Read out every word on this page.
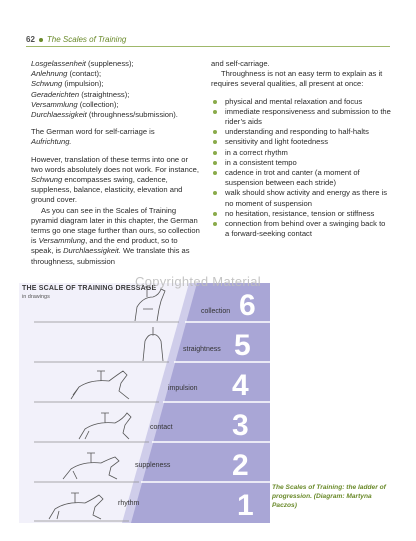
62 The Scales of Training

Losgelassenheit (suppleness);

Anlehnung (contact);

Schwung (impulsion);

Geraderichten (straightness);

Versammlung (collection);

Durchlaessigkeit (throughness/submission).

The German word for self-carriage is
Aufrichtung.

However, translation of these terms into one or two words absolutely does not work. For instance, Schwung encompasses swing, cadence, suppleness, balance, elasticity, elevation and ground cover.

As you can see in the Scales of Training pyramid diagram later in this chapter, the German terms go one stage further than ours, so collection is Versammlung, and the end product, so to speak, is Durchlaessigkeit. We translate this as throughness, submission

and self-carriage.

Throughness is not an easy term to explain as it requires several qualities, all present at once:

physical and mental relaxation and focus
immediate responsiveness and submission to the rider’s aids
understanding and responding to half-halts
sensitivity and light footedness
in a correct rhythm
in a consistent tempo
cadence in trot and canter (a moment of suspension between each stride)
walk should show activity and energy as there is no moment of suspension
no hesitation, resistance, tension or stiffness
connection from behind over a swinging back to a forward-seeking contact
6
5
4
3
2
1
THE SCALE OF TRAINING DRESSAGE
in drawings
collection
straightness
impulsion
contact
suppleness
rhythm
Copyrighted Material
The Scales of Training: the ladder of progression. (Diagram: Martyna Paczos)
